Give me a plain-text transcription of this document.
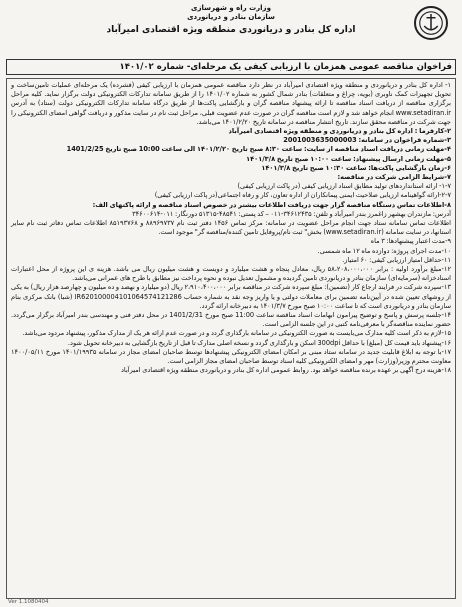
وزارت راه و شهرسازی
سازمان بنادر و دریانوردی
اداره کل بنادر و دریانوردی منطقه ویژه اقتصادی امیرآباد
فراخوان مناقصه عمومی همزمان با ارزیابی کیفی یک مرحله‌ای- شماره ۱۴۰۱/۰۲

۱- اداره کل بنادر و دریانوردی و منطقه ویژه اقتصادی امیرآباد در نظر دارد مناقصه عمومی همزمان با ارزیابی کیفی (فشرده) یک مرحله‌ای عملیات تامین‌ساخت و تحویل تجهیزات کمک ناوبری (بویه، چراغ و متعلقات) بنادر شمال کشور به شماره ۱۴۰۱/۰۲ را از طریق سامانه تدارکات الکترونیکی دولت برگزار نماید. کلیه مراحل برگزاری مناقصه از دریافت اسناد مناقصه تا ارائه پیشنهاد مناقصه گران و بازگشایی پاکت‌ها از طریق درگاه سامانه تدارکات الکترونیکی دولت (ستاد) به آدرس www.setadiran.ir انجام خواهد شد و لازم است مناقصه گران در صورت عدم عضویت قبلی، مراحل ثبت نام در سایت مذکور و دریافت گواهی امضای الکترونیکی را جهت شرکت در مناقصه محقق سازند. تاریخ انتشار مناقصه در سامانه تاریخ ۱۴۰۱/۲/۲۰ می‌باشد.

۲-کارفرما : اداره کل بنادر و دریانوردی و منطقه ویژه اقتصادی امیرآباد

۳-شماره فراخوان در سامانه: 2001003635000003

۴-مهلت زمانی دریافت اسناد مناقصه از سایت: ساعت ۸:۳۰ صبح تاریخ ۱۴۰۱/۲/۲۰ الی ساعت 10:00 صبح تاریخ 1401/2/25

۵-مهلت زمانی ارسال پیشنهاد: ساعت ۱۰:۰۰ صبح تاریخ ۱۴۰۱/۳/۸

۶-زمان بازگشایی پاکت‌ها: ساعت ۱۰:۳۰ صبح تاریخ ۱۴۰۱/۳/۸

۷-شرایط الزامی شرکت در مناقصه:

۱-۷- ارائه استانداردهای تولید مطابق اسناد ارزیابی کیفی (در پاکت ارزیابی کیفی)

۲-۷-ارائه گواهینامه ارزیابی صلاحیت ایمنی پیمانکاران از اداره تعاون، کار و رفاه اجتماعی(در پاکت ارزیابی کیفی)

۸-اطلاعات تماس دستگاه مناقصه گزار جهت دریافت اطلاعات بیشتر در خصوص اسناد مناقصه و ارائه پاکتهای الف:

آدرس: مازندران بهشهر زاغمرز بندر امیرآباد و تلفن: ۳۴۶۱۲۴۳۵-۰۱۱ – کد پستی: ۴۸۵۴۱-۵۱۳۱۵ دورنگار: ۰۱۱-۳۴۶۰۰۶۱۴

اطلاعات تماس سامانه ستاد جهت انجام مراحل عضویت در سامانه: مرکز تماس ۱۴۵۶ دفتر ثبت نام ۸۸۹۶۹۷۳۷ و ۸۵۱۹۳۷۶۸ اطلاعات تماس دفاتر ثبت نام سایر استانها، در سایت سامانه (www.setadiran.ir) بخش" ثبت نام/پروفایل تامین کننده/مناقصه گر" موجود است.

۹-مدت اعتبار پیشنهادها: ۳ ماه

۱۰-مدت اجرای پروژه: دوازده ماه ۱۲ ماه شمسی.

۱۱-حداقل امتیاز ارزیابی کیفی: ۶۰ امتیاز.

۱۲-مبلغ برآورد اولیه : برابر ۵۸،۲۰۸،۰۰۰،۰۰۰ ریال، معادل پنجاه و هشت میلیارد و دویست و هشت میلیون ریال می باشد. هزینه ی این پروژه از محل اعتبارات اسنادخزانه (سرمایه‌ای) سازمان بنادر و دریانوردی تامین گردیده و مشمول تعدیل نبوده و نحوه پرداخت نیز مطابق با طرح های عمرانی می‌باشد.

۱۳-سپرده شرکت در فرایند ارجاع کار (تضمین): مبلغ سپرده شرکت در مناقصه برابر ۲،۹۱۰،۴۰۰،۰۰۰ ریال (دو میلیارد و نهصد و ده میلیون و چهارصد هزار ریال) به یکی از روشهای تعیین شده در آیین‌نامه تضمین برای معاملات دولتی و یا واریز وجه نقد به شماره حساب IR620100004101064574121286 (شبا) بانک مرکزی بنام سازمان بنادر و دریانوردی است که تا ساعت ۱۰:۰۰ صبح مورخ ۱۴۰۱/۳/۷ به دبیرخانه ارائه گردد.

۱۴-جلسه پرسش و پاسخ و توضیح پیرامون ابهامات اسناد مناقصه ساعت 11:00 صبح مورخ 1401/2/31 در محل دفتر فنی و مهندسی بندر امیرآباد برگزار می‌گردد. حضور نماینده مناقصه‌گر با معرفی‌نامه کتبی در این جلسه الزامی است.

۱۵-لازم به ذکر است کلیه مدارک می‌بایست به صورت الکترونیکی در سامانه بارگذاری گردد و در صورت عدم ارائه هر یک از مدارک مذکور، پیشنهاد مردود می‌باشد.

۱۶-پیشنهاد باید قیمت کل (مبلغ) با حداقل 300dpi اسکن و بارگذاری گردد و نسخه اصلی مدارک تا قبل از تاریخ بازگشایی به دبیرخانه تحویل شود.

۱۷-با توجه به ابلاغ قابلیت جدید در سامانه ستاد مبنی بر امکان امضای الکترونیکی پیشنهادها توسط صاحبان امضای مجاز در سامانه ۱۴۰۱/۱۹۹۳۵ مورخ ۱۴۰۰/۰۵/۱۱ معاونت محترم وزیر(وزارت) مهر و امضای الکترونیکی کلیه اسناد توسط صاحبان امضای مجاز الزامی است.

۱۸-هزینه درج آگهی بر عهده برنده مناقصه خواهد بود. روابط عمومی اداره کل بنادر و دریانوردی منطقه ویژه اقتصادی امیرآباد

Ver 1.1080404
